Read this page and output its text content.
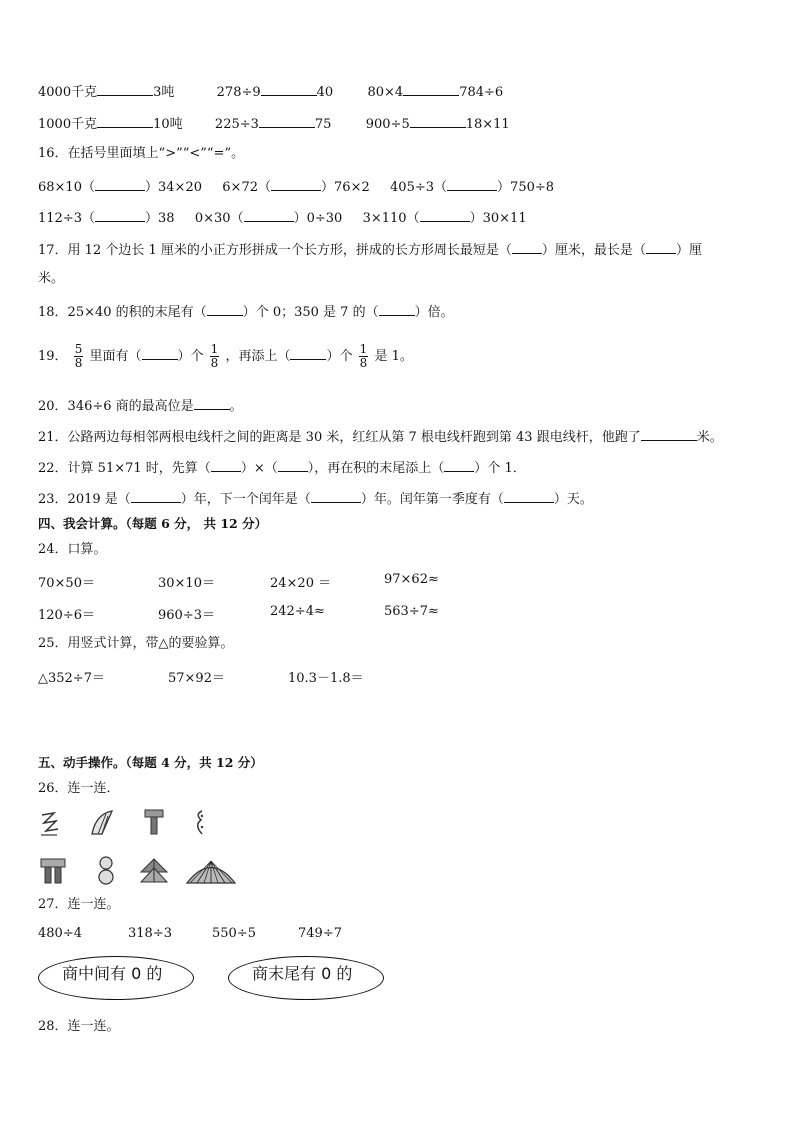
4000千克	3吨	278÷9	40	80×4	784÷6
1000千克	10吨 225÷3	75	900÷5	18×11
16．在括号里面填上“>”“<”“=”。
68×10（	）34×20 6×72（	）76×2 405÷3（	）750÷8
112÷3（	）38 0×30（	）0÷30 3×110（	）30×11
17．用 12 个边长 1 厘米的小正方形拼成一个长方形，拼成的长方形周长最短是（ ）厘米，最长是（ ）厘
米。
18．25×40 的积的末尾有（	）个 0；350 是 7 的（	）倍。
19． $\frac{5}{8}$ 里面有（	）个 $\frac{1}{8}$ ，再添上（	）个 $\frac{1}{8}$ 是 1。
20．346÷6 商的最高位是	。
21．公路两边每相邻两根电线杆之间的距离是 30 米，红红从第 7 根电线杆跑到第 43 跟电线杆，他跑了	米。
22．计算 51×71 时，先算（ ）×（ ），再在积的末尾添上（ ）个 1．
23．2019 是（	）年，下一个闰年是（	）年。闰年第一季度有（	）天。
四、我会计算。（每题 6 分， 共 12 分）
24．口算。
70×50＝	30×10＝	24×20 ＝	97×62≈
120÷6＝	960÷3＝	242÷4≈	563÷7≈
25．用竖式计算，带△的要验算。
△352÷7＝	57×92＝	10.3－1.8＝
五、动手操作。（每题 4 分，共 12 分）
26．连一连．
27．连一连。
480÷4	318÷3	550÷5	749÷7
商中间有 0 的	商末尾有 0 的
28．连一连。
